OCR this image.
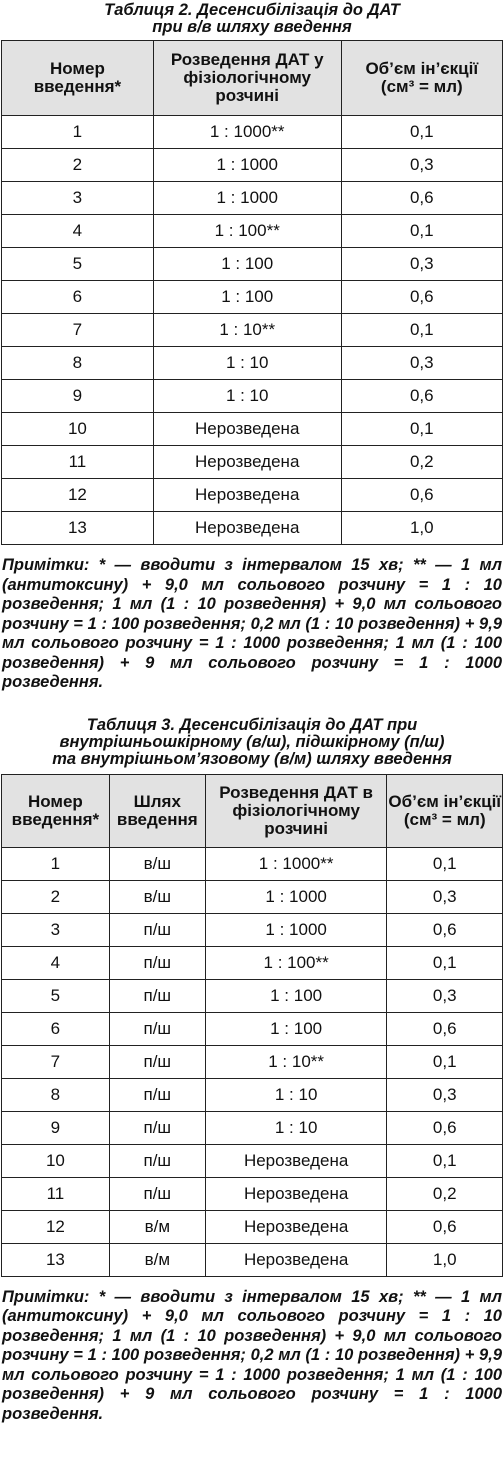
Таблиця 2. Десенсибілізація до ДАТ
при в/в шляху введення
Номер введення*	Розведення ДАТ у фізіологічному розчині	Об’єм ін’єкції
(см³ = мл)
1	1 : 1000**	0,1
2	1 : 1000	0,3
3	1 : 1000	0,6
4	1 : 100**	0,1
5	1 : 100	0,3
6	1 : 100	0,6
7	1 : 10**	0,1
8	1 : 10	0,3
9	1 : 10	0,6
10	Нерозведена	0,1
11	Нерозведена	0,2
12	Нерозведена	0,6
13	Нерозведена	1,0

Примітки: * — вводити з інтервалом 15 хв; ** — 1 мл (антитоксину) + 9,0 мл сольового розчину = 1 : 10 розведення; 1 мл (1 : 10 розведення) + 9,0 мл сольового розчину = 1 : 100 розведення; 0,2 мл (1 : 10 розведення) + 9,9 мл сольового розчину = 1 : 1000 розведення; 1 мл (1 : 100 розведення) + 9 мл сольового розчину = 1 : 1000 розведення.

Таблиця 3. Десенсибілізація до ДАТ при
внутрішньошкірному (в/ш), підшкірному (п/ш)
та внутрішньом’язовому (в/м) шляху введення
Номер введення*	Шлях введення	Розведення ДАТ в фізіологічному розчині	Об’єм ін’єкції
(см³ = мл)
1	в/ш	1 : 1000**	0,1
2	в/ш	1 : 1000	0,3
3	п/ш	1 : 1000	0,6
4	п/ш	1 : 100**	0,1
5	п/ш	1 : 100	0,3
6	п/ш	1 : 100	0,6
7	п/ш	1 : 10**	0,1
8	п/ш	1 : 10	0,3
9	п/ш	1 : 10	0,6
10	п/ш	Нерозведена	0,1
11	п/ш	Нерозведена	0,2
12	в/м	Нерозведена	0,6
13	в/м	Нерозведена	1,0

Примітки: * — вводити з інтервалом 15 хв; ** — 1 мл (антитоксину) + 9,0 мл сольового розчину = 1 : 10 розведення; 1 мл (1 : 10 розведення) + 9,0 мл сольового розчину = 1 : 100 розведення; 0,2 мл (1 : 10 розведення) + 9,9 мл сольового розчину = 1 : 1000 розведення; 1 мл (1 : 100 розведення) + 9 мл сольового розчину = 1 : 1000 розведення.
